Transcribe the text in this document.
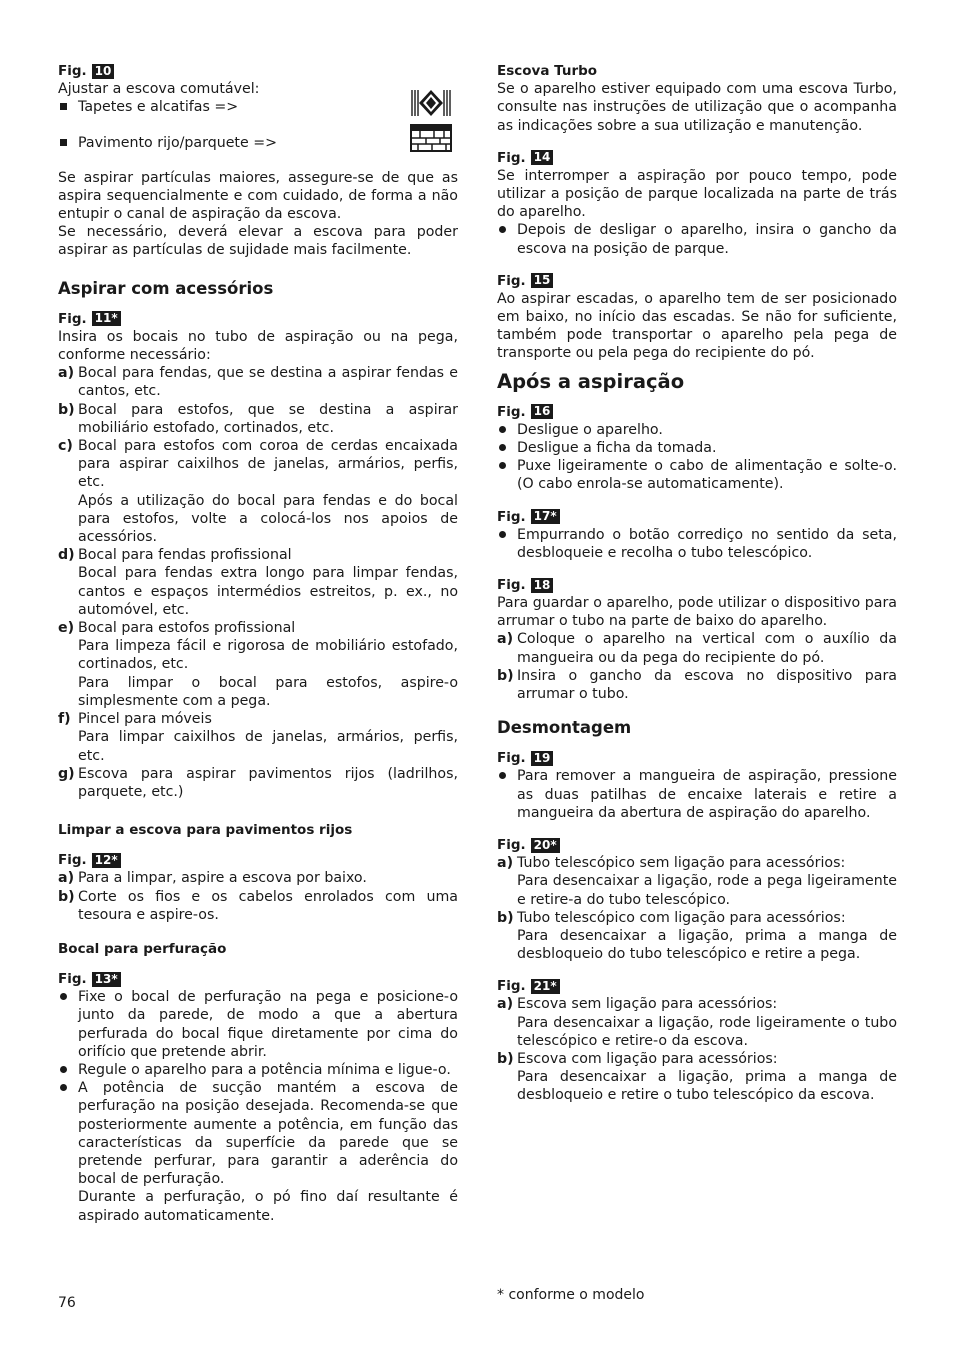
Fig. 10

Ajustar a escova comutável:

Tapetes e alcatifas =>
Pavimento rijo/parquete =>

Se aspirar partículas maiores, assegure-se de que as aspira sequencialmente e com cuidado, de forma a não entupir o canal de aspiração da escova.

Se necessário, deverá elevar a escova para poder aspirar as partículas de sujidade mais facilmente.

Aspirar com acessórios
Fig. 11*

Insira os bocais no tubo de aspiração ou na pega, conforme necessário:

a) Bocal para fendas, que se destina a aspirar fendas e cantos, etc.
b) Bocal para estofos, que se destina a aspirar mobiliário estofado, cortinados, etc.
c) Bocal para estofos com coroa de cerdas encaixada para aspirar caixilhos de janelas, armários, perfis, etc.
Após a utilização do bocal para fendas e do bocal para estofos, volte a colocá-los nos apoios de acessórios.
d) Bocal para fendas profissional
Bocal para fendas extra longo para limpar fendas, cantos e espaços intermédios estreitos, p. ex., no automóvel, etc.
e) Bocal para estofos profissional
Para limpeza fácil e rigorosa de mobiliário estofado, cortinados, etc.
Para limpar o bocal para estofos, aspire-o simplesmente com a pega.
f) Pincel para móveis
Para limpar caixilhos de janelas, armários, perfis, etc.
g) Escova para aspirar pavimentos rijos (ladrilhos, parquete, etc.)
Limpar a escova para pavimentos rijos
Fig. 12*
a) Para a limpar, aspire a escova por baixo.
b) Corte os fios e os cabelos enrolados com uma tesoura e aspire-os.
Bocal para perfuração
Fig. 13*
Fixe o bocal de perfuração na pega e posicione-o junto da parede, de modo a que a abertura perfurada do bocal fique diretamente por cima do orifício que pretende abrir.
Regule o aparelho para a potência mínima e ligue-o.
A potência de sucção mantém a escova de perfuração na posição desejada. Recomenda-se que posteriormente aumente a potência, em função das características da superfície da parede que se pretende perfurar, para garantir a aderência do bocal de perfuração.
Durante a perfuração, o pó fino daí resultante é aspirado automaticamente.
Escova Turbo

Se o aparelho estiver equipado com uma escova Turbo, consulte nas instruções de utilização que o acompanha as indicações sobre a sua utilização e manutenção.

Fig. 14

Se interromper a aspiração por pouco tempo, pode utilizar a posição de parque localizada na parte de trás do aparelho.

Depois de desligar o aparelho, insira o gancho da escova na posição de parque.
Fig. 15

Ao aspirar escadas, o aparelho tem de ser posicionado em baixo, no início das escadas. Se não for suficiente, também pode transportar o aparelho pela pega de transporte ou pela pega do recipiente do pó.

Após a aspiração
Fig. 16
Desligue o aparelho.
Desligue a ficha da tomada.
Puxe ligeiramente o cabo de alimentação e solte-o. (O cabo enrola-se automaticamente).
Fig. 17*
Empurrando o botão corrediço no sentido da seta, desbloqueie e recolha o tubo telescópico.
Fig. 18

Para guardar o aparelho, pode utilizar o dispositivo para arrumar o tubo na parte de baixo do aparelho.

a) Coloque o aparelho na vertical com o auxílio da mangueira ou da pega do recipiente do pó.
b) Insira o gancho da escova no dispositivo para arrumar o tubo.
Desmontagem
Fig. 19
Para remover a mangueira de aspiração, pressione as duas patilhas de encaixe laterais e retire a mangueira da abertura de aspiração do aparelho.
Fig. 20*
a) Tubo telescópico sem ligação para acessórios:
Para desencaixar a ligação, rode a pega ligeiramente e retire-a do tubo telescópico.
b) Tubo telescópico com ligação para acessórios:
Para desencaixar a ligação, prima a manga de desbloqueio do tubo telescópico e retire a pega.
Fig. 21*
a) Escova sem ligação para acessórios:
Para desencaixar a ligação, rode ligeiramente o tubo telescópico e retire-o da escova.
b) Escova com ligação para acessórios:
Para desencaixar a ligação, prima a manga de desbloqueio e retire o tubo telescópico da escova.
76	* conforme o modelo
